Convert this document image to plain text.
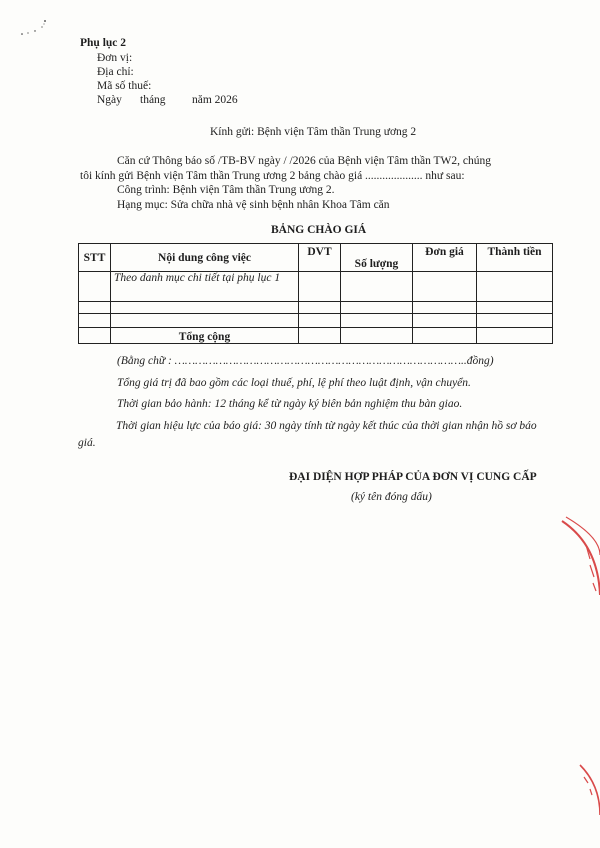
Phụ lục 2
Đơn vị:
Địa chỉ:
Mã số thuế:
Ngày tháng năm 2026
Kính gửi: Bệnh viện Tâm thần Trung ương 2
Căn cứ Thông báo số /TB-BV ngày / /2026 của Bệnh viện Tâm thần TW2, chúng
tôi kính gửi Bệnh viện Tâm thần Trung ương 2 bảng chào giá .................... như sau:
Công trình: Bệnh viện Tâm thần Trung ương 2.
Hạng mục: Sửa chữa nhà vệ sinh bệnh nhân Khoa Tâm căn
BẢNG CHÀO GIÁ
STT	Nội dung công việc	DVT	Số lượng	Đơn giá	Thành tiền
	Theo danh mục chi tiết tại phụ lục 1				

	Tổng cộng				
(Bằng chữ : …………………………………………………………………………..đồng)
Tổng giá trị đã bao gồm các loại thuế, phí, lệ phí theo luật định, vận chuyển.
Thời gian bảo hành: 12 tháng kể từ ngày ký biên bản nghiệm thu bàn giao.
Thời gian hiệu lực của báo giá: 30 ngày tính từ ngày kết thúc của thời gian nhận hồ sơ báo giá.
ĐẠI DIỆN HỢP PHÁP CỦA ĐƠN VỊ CUNG CẤP
(ký tên đóng dấu)
